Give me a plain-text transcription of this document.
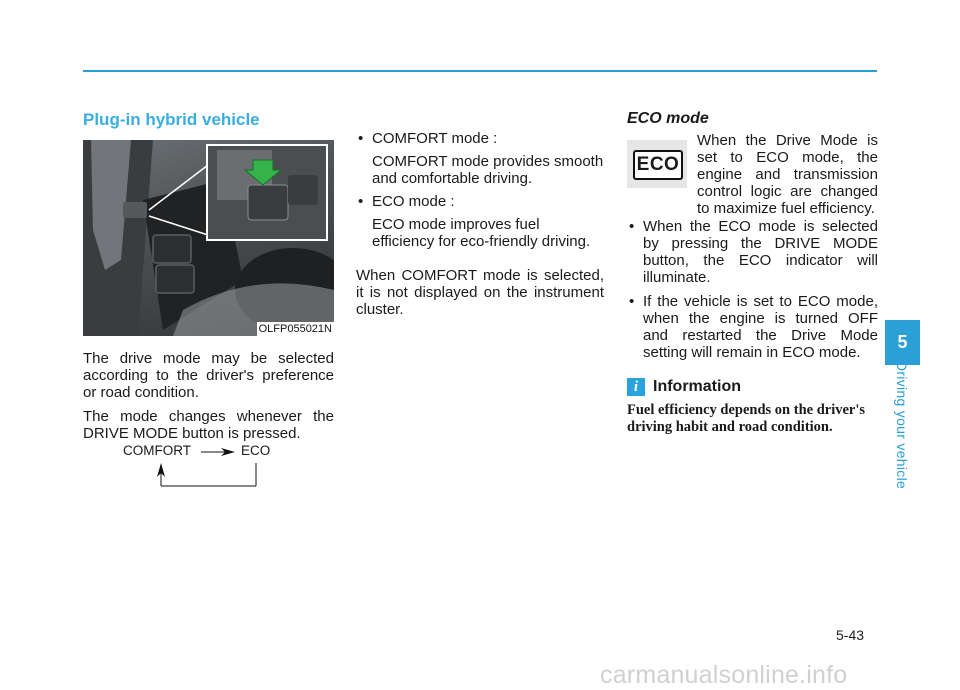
Plug-in hybrid vehicle
OLFP055021N

The drive mode may be selected according to the driver's preference or road condition.

The mode changes whenever the DRIVE MODE button is pressed.

COMFORT	ECO

• COMFORT mode :

COMFORT mode provides smooth and comfortable driving.

• ECO mode :

ECO mode improves fuel efficiency for eco-friendly driving.

When COMFORT mode is selected, it is not displayed on the instrument cluster.

ECO mode
ECO

When the Drive Mode is set to ECO mode, the engine and transmission control logic are changed to maximize fuel efficiency.

• When the ECO mode is selected by pressing the DRIVE MODE button, the ECO indicator will illuminate.

• If the vehicle is set to ECO mode, when the engine is turned OFF and restarted the Drive Mode setting will remain in ECO mode.

i Information

Fuel efficiency depends on the driver's driving habit and road condition.

5
Driving your vehicle
5-43
carmanualsonline.info
